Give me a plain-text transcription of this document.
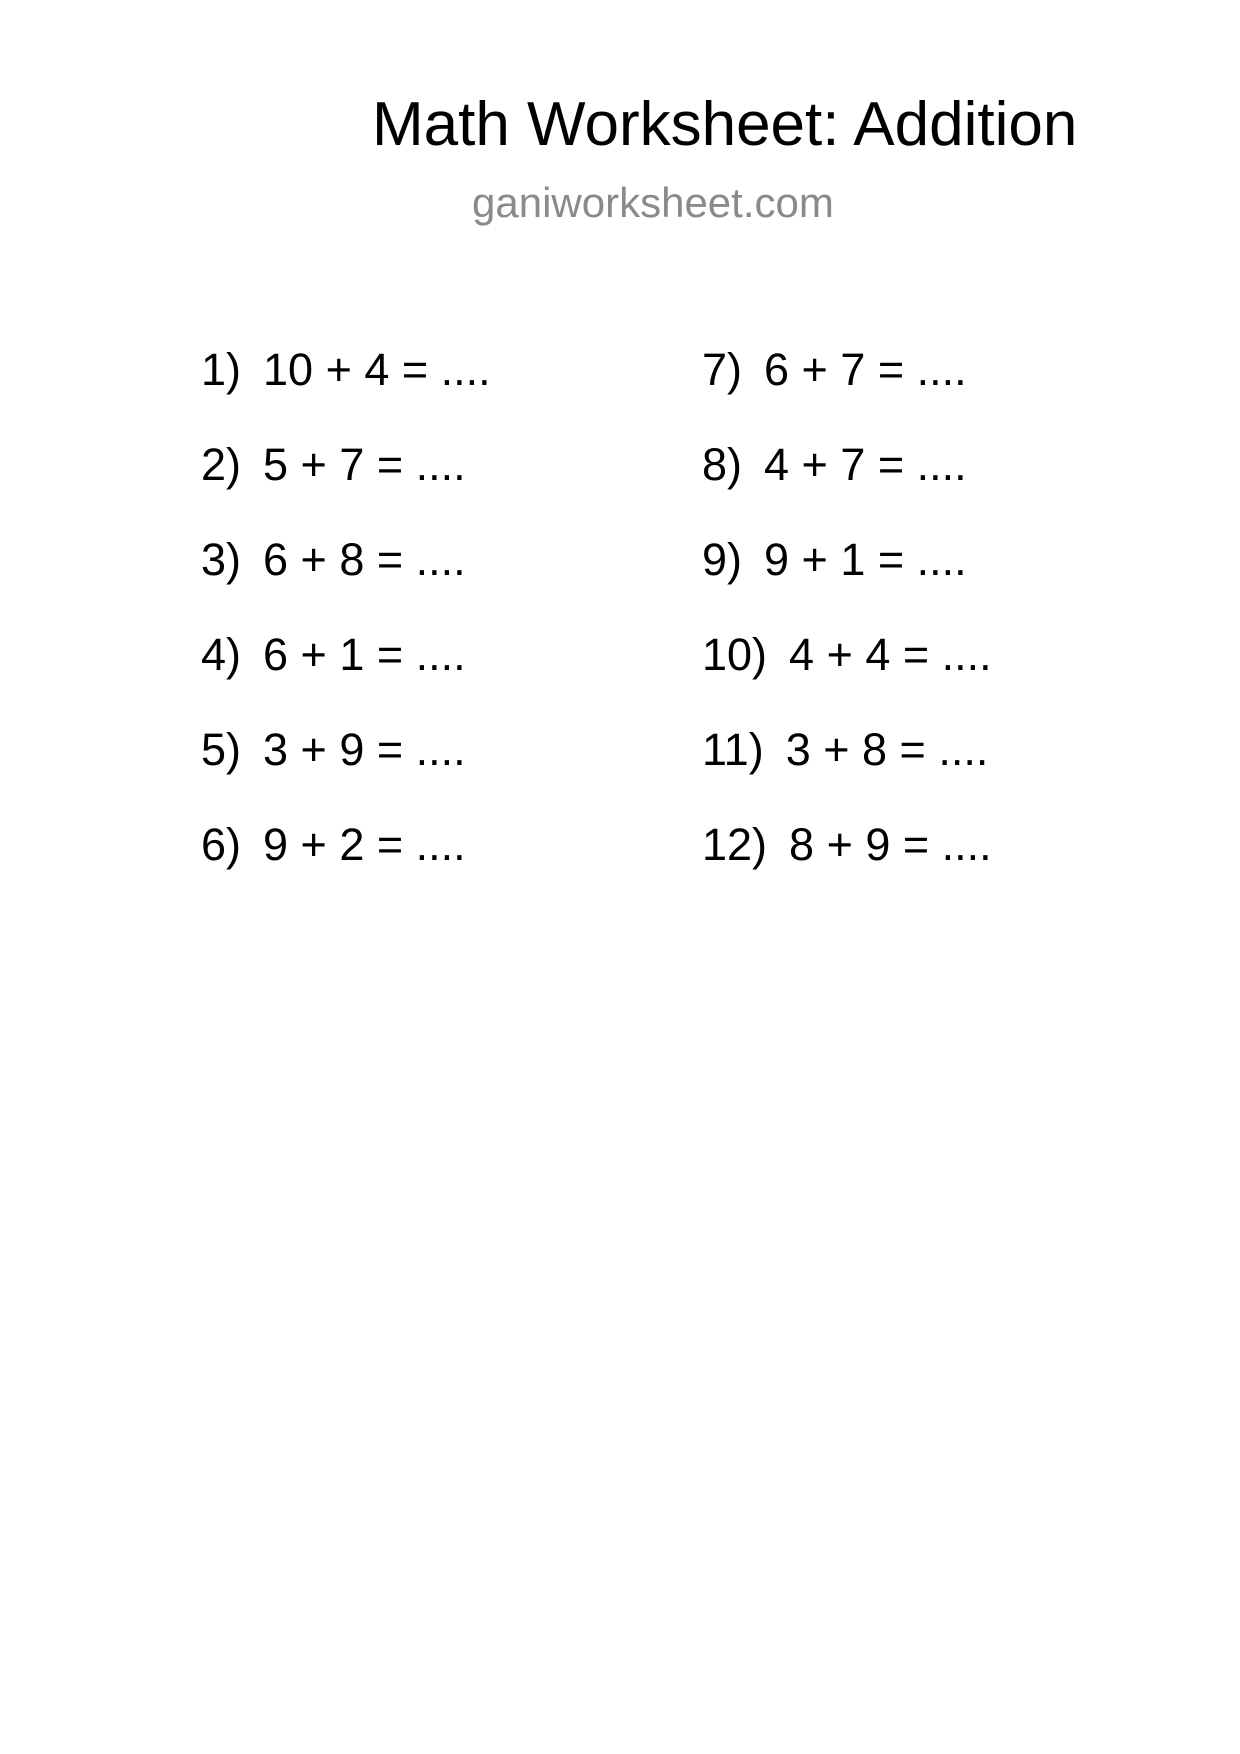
Math Worksheet: Addition
ganiworksheet.com
1) 10 + 4 = ....
2) 5 + 7 = ....
3) 6 + 8 = ....
4) 6 + 1 = ....
5) 3 + 9 = ....
6) 9 + 2 = ....
7) 6 + 7 = ....
8) 4 + 7 = ....
9) 9 + 1 = ....
10) 4 + 4 = ....
11) 3 + 8 = ....
12) 8 + 9 = ....
